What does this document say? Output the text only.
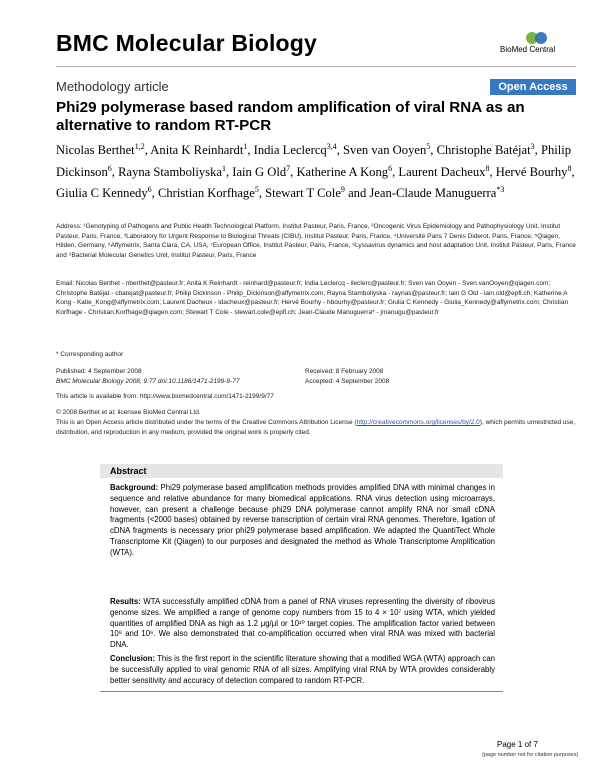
BMC Molecular Biology	BioMed Central
Methodology article	Open Access
Phi29 polymerase based random amplification of viral RNA as an alternative to random RT-PCR
Nicolas Berthet$^{1,2}$, Anita K Reinhardt$^1$, India Leclercq$^{3,4}$, Sven van Ooyen$^5$, Christophe Batéjat$^3$, Philip Dickinson$^6$, Rayna Stamboliyska$^1$, Iain G Old$^7$, Katherine A Kong$^6$, Laurent Dacheux$^8$, Hervé Bourhy$^8$, Giulia C Kennedy$^6$, Christian Korfhage$^5$, Stewart T Cole$^9$ and Jean-Claude Manuguerra$^{*3}$
Address: ¹Genotyping of Pathogens and Public Health Technological Platform, Institut Pasteur, Paris, France, ²Oncogenic Virus Epidemiology and Pathophysiology Unit, Institut Pasteur, Paris, France, ³Laboratory for Urgent Response to Biological Threats (CIBU), Institut Pasteur, Paris, France, ⁴Université Paris 7 Denis Diderot, Paris, France, ⁵Qiagen, Hilden, Germany, ⁶Affymetrix, Santa Clara, CA, USA, ⁷European Office, Institut Pasteur, Paris, France, ⁸Lyssavirus dynamics and host adaptation Unit, Institut Pasteur, Paris, France and ⁹Bacterial Molecular Genetics Unit, Institut Pasteur, Paris, France
Email: Nicolas Berthet - nberthet@pasteur.fr; Anita K Reinhardt - reinhard@pasteur.fr; India Leclercq - ileclerc@pasteur.fr; Sven van Ooyen - Sven.vanOoyen@qiagen.com; Christophe Batéjat - cbatejat@pasteur.fr; Philip Dickinson - Philip_Dickinson@affymetrix.com; Rayna Stamboliyska - raynas@pasteur.fr; Iain G Old - iain.old@epfl.ch; Katherine A Kong - Katie_Kong@affymetrix.com; Laurent Dacheux - ldacheux@pasteur.fr; Hervé Bourhy - hbourhy@pasteur.fr; Giulia C Kennedy - Giulia_Kennedy@affymetrix.com; Christian Korfhage - Christian.Korfhage@qiagen.com; Stewart T Cole - stewart.cole@epfl.ch; Jean-Claude Manuguerra* - jmanugu@pasteur.fr
* Corresponding author
Published: 4 September 2008
BMC Molecular Biology 2008, 9:77 doi:10.1186/1471-2199-9-77
Received: 8 February 2008
Accepted: 4 September 2008
This article is available from: http://www.biomedcentral.com/1471-2199/9/77
© 2008 Berthet et al; licensee BioMed Central Ltd.
This is an Open Access article distributed under the terms of the Creative Commons Attribution License (http://creativecommons.org/licenses/by/2.0), which permits unrestricted use, distribution, and reproduction in any medium, provided the original work is properly cited.
Abstract
Background: Phi29 polymerase based amplification methods provides amplified DNA with minimal changes in sequence and relative abundance for many biomedical applications. RNA virus detection using microarrays, however, can present a challenge because phi29 DNA polymerase cannot amplify RNA nor small cDNA fragments (<2000 bases) obtained by reverse transcription of certain viral RNA genomes. Therefore, ligation of cDNA fragments is necessary prior phi29 polymerase based amplification. We adapted the QuantiTect Whole Transcriptome Kit (Qiagen) to our purposes and designated the method as Whole Transcriptome Amplification (WTA).
Results: WTA successfully amplified cDNA from a panel of RNA viruses representing the diversity of ribovirus genome sizes. We amplified a range of genome copy numbers from 15 to 4 × 10⁷ using WTA, which yielded quantities of amplified DNA as high as 1.2 μg/μl or 10¹⁰ target copies. The amplification factor varied between 10⁹ and 10⁶. We also demonstrated that co-amplification occurred when viral RNA was mixed with bacterial DNA.
Conclusion: This is the first report in the scientific literature showing that a modified WGA (WTA) approach can be successfully applied to viral genomic RNA of all sizes. Amplifying viral RNA by WTA provides considerably better sensitivity and accuracy of detection compared to random RT-PCR.
Page 1 of 7
(page number not for citation purposes)
